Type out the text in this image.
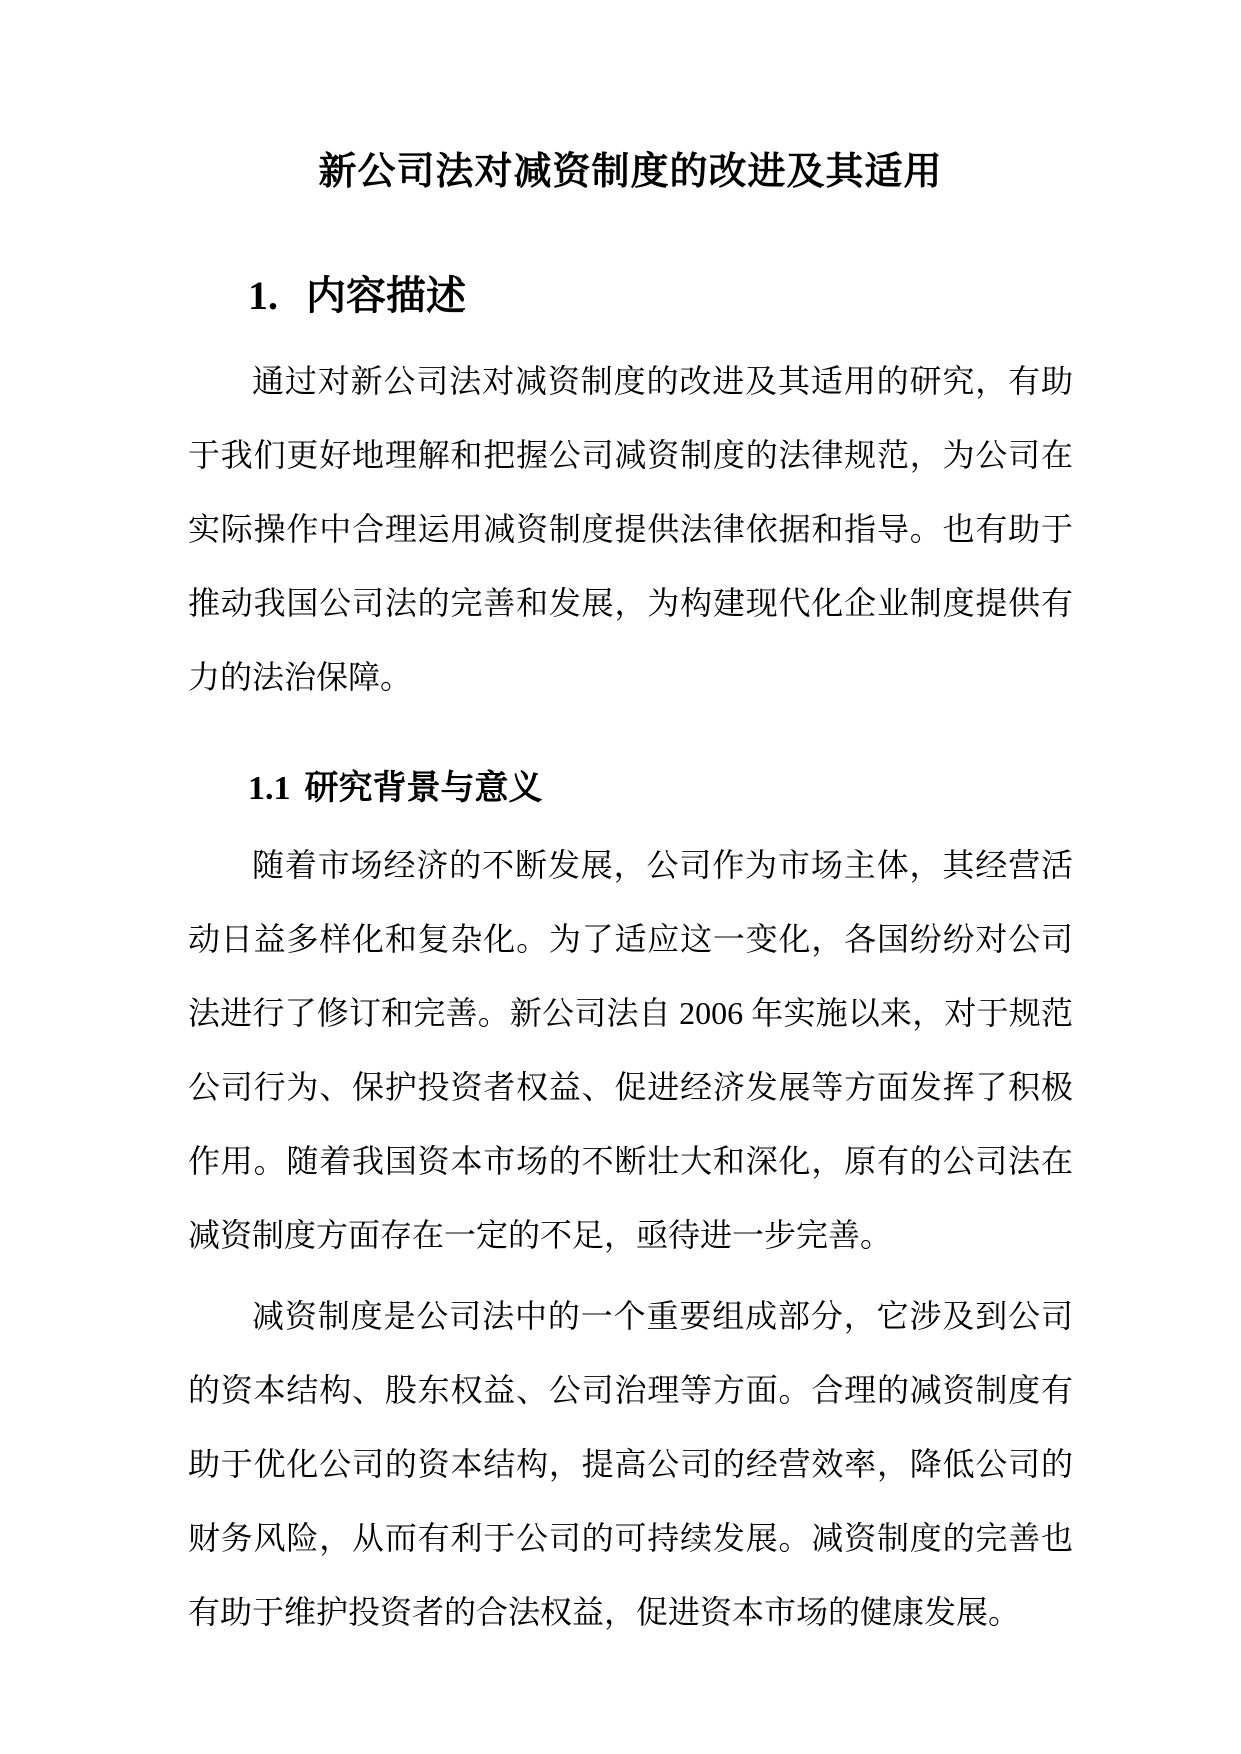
新公司法对减资制度的改进及其适用
1. 内容描述

通过对新公司法对减资制度的改进及其适用的研究，有助于我们更好地理解和把握公司减资制度的法律规范，为公司在实际操作中合理运用减资制度提供法律依据和指导。也有助于推动我国公司法的完善和发展，为构建现代化企业制度提供有力的法治保障。

1.1 研究背景与意义

随着市场经济的不断发展，公司作为市场主体，其经营活动日益多样化和复杂化。为了适应这一变化，各国纷纷对公司法进行了修订和完善。新公司法自 2006 年实施以来，对于规范公司行为、保护投资者权益、促进经济发展等方面发挥了积极作用。随着我国资本市场的不断壮大和深化，原有的公司法在减资制度方面存在一定的不足，亟待进一步完善。

减资制度是公司法中的一个重要组成部分，它涉及到公司的资本结构、股东权益、公司治理等方面。合理的减资制度有助于优化公司的资本结构，提高公司的经营效率，降低公司的财务风险，从而有利于公司的可持续发展。减资制度的完善也有助于维护投资者的合法权益，促进资本市场的健康发展。
